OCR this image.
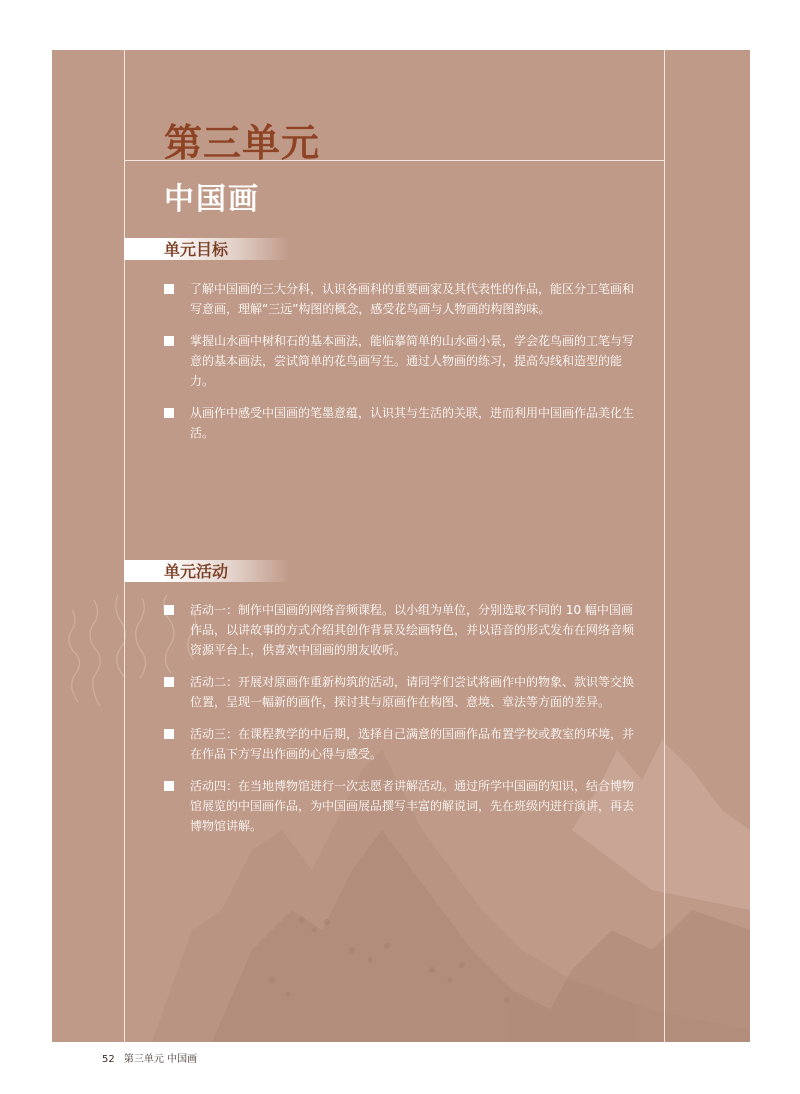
第三单元
中国画
单元目标
了解中国画的三大分科，认识各画科的重要画家及其代表性的作品，能区分工笔画和写意画，理解“三远”构图的概念，感受花鸟画与人物画的构图韵味。
掌握山水画中树和石的基本画法，能临摹简单的山水画小景，学会花鸟画的工笔与写意的基本画法，尝试简单的花鸟画写生。通过人物画的练习，提高勾线和造型的能力。
从画作中感受中国画的笔墨意蕴，认识其与生活的关联，进而利用中国画作品美化生活。
单元活动
活动一：制作中国画的网络音频课程。以小组为单位，分别选取不同的 10 幅中国画作品，以讲故事的方式介绍其创作背景及绘画特色，并以语音的形式发布在网络音频资源平台上，供喜欢中国画的朋友收听。
活动二：开展对原画作重新构筑的活动，请同学们尝试将画作中的物象、款识等交换位置，呈现一幅新的画作，探讨其与原画作在构图、意境、章法等方面的差异。
活动三：在课程教学的中后期，选择自己满意的国画作品布置学校或教室的环境，并在作品下方写出作画的心得与感受。
活动四：在当地博物馆进行一次志愿者讲解活动。通过所学中国画的知识，结合博物馆展览的中国画作品，为中国画展品撰写丰富的解说词，先在班级内进行演讲，再去博物馆讲解。
52 第三单元 中国画
